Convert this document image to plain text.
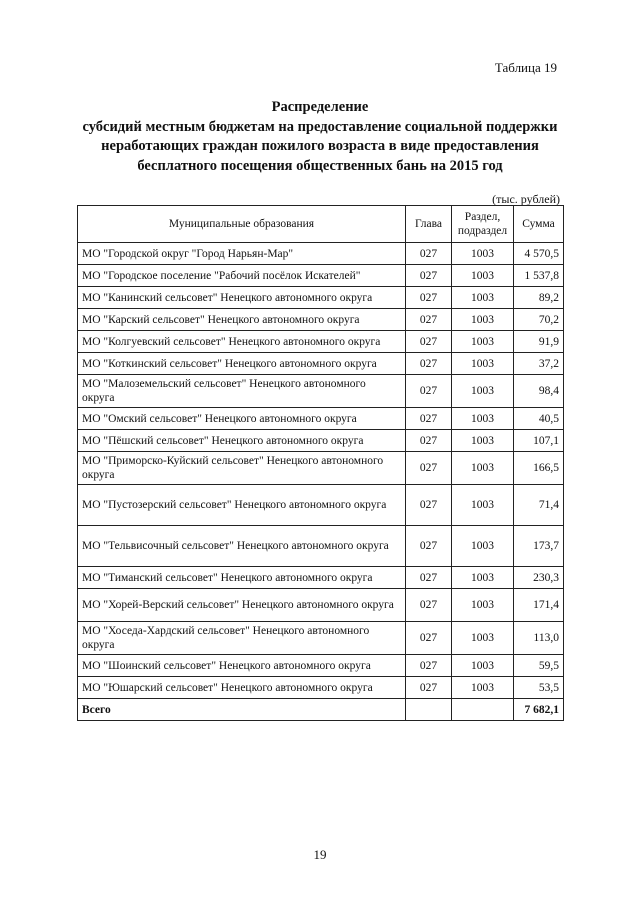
Таблица 19
Распределение
субсидий местным бюджетам на предоставление социальной поддержки
неработающих граждан пожилого возраста в виде предоставления
бесплатного посещения общественных бань на 2015 год
(тыс. рублей)
Муниципальные образования	Глава	Раздел, подраздел	Сумма
МО "Городской округ "Город Нарьян-Мар"	027	1003	4 570,5
МО "Городское поселение "Рабочий посёлок Искателей"	027	1003	1 537,8
МО "Канинский сельсовет" Ненецкого автономного округа	027	1003	89,2
МО "Карский сельсовет" Ненецкого автономного округа	027	1003	70,2
МО "Колгуевский сельсовет" Ненецкого автономного округа	027	1003	91,9
МО "Коткинский сельсовет" Ненецкого автономного округа	027	1003	37,2
МО "Малоземельский сельсовет" Ненецкого автономного округа	027	1003	98,4
МО "Омский сельсовет" Ненецкого автономного округа	027	1003	40,5
МО "Пёшский сельсовет" Ненецкого автономного округа	027	1003	107,1
МО "Приморско-Куйский сельсовет" Ненецкого автономного округа	027	1003	166,5
МО "Пустозерский сельсовет" Ненецкого автономного округа	027	1003	71,4
МО "Тельвисочный сельсовет" Ненецкого автономного округа	027	1003	173,7
МО "Тиманский сельсовет" Ненецкого автономного округа	027	1003	230,3
МО "Хорей-Верский сельсовет" Ненецкого автономного округа	027	1003	171,4
МО "Хоседа-Хардский сельсовет" Ненецкого автономного округа	027	1003	113,0
МО "Шоинский сельсовет" Ненецкого автономного округа	027	1003	59,5
МО "Юшарский сельсовет" Ненецкого автономного округа	027	1003	53,5
Всего			7 682,1
19
